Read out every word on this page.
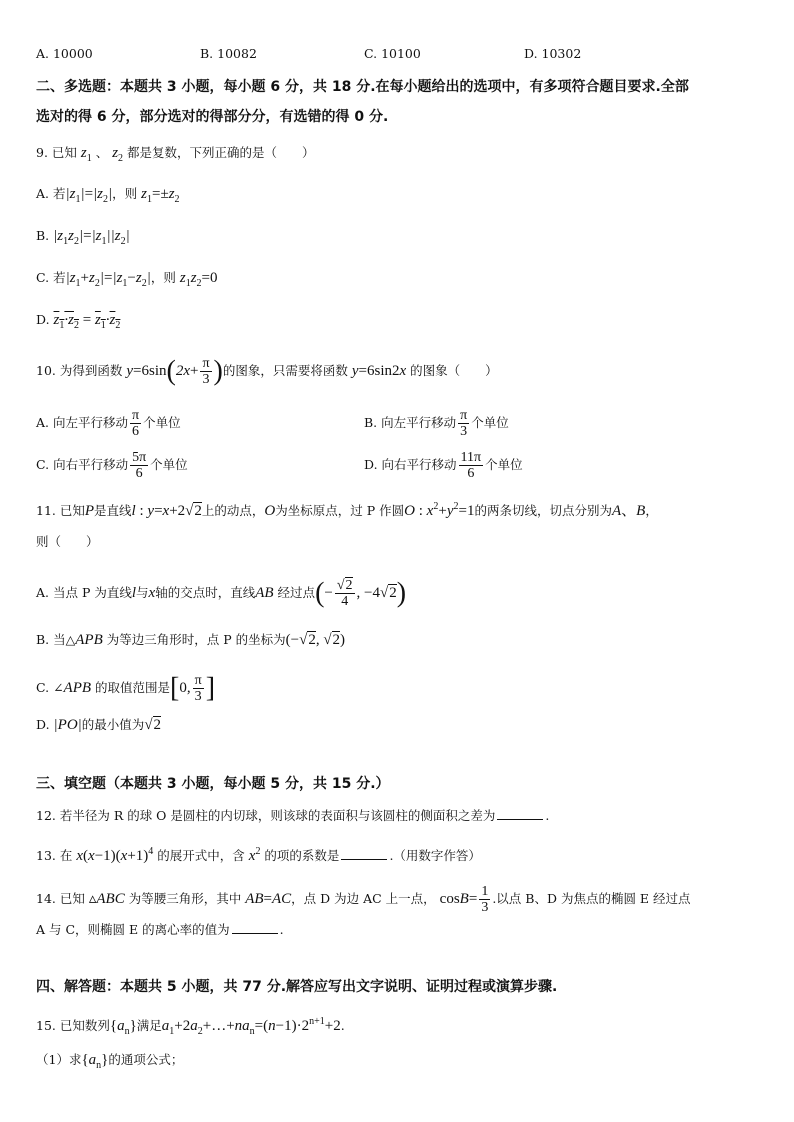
A. 10000	B. 10082	C. 10100	D. 10302
二、多选题：本题共 3 小题，每小题 6 分，共 18 分.在每小题给出的选项中，有多项符合题目要求.全部
选对的得 6 分，部分选对的得部分分，有选错的得 0 分.
9. 已知 $z_1$ 、 $z_2$ 都是复数，下列正确的是（　　）
A. 若$|z_1|=|z_2|$，则 $z_1=\pm z_2$
B. $|z_1z_2|=|z_1||z_2|$
C. 若$|z_1+z_2|=|z_1-z_2|$，则 $z_1z_2=0$
D. $z_1\cdot z_2 = z_1\cdot z_2$
10. 为得到函数 $y=6\sin(2x+ \frac{\pi}{3}$ )的图象，只需要将函数 y=6sin2x 的图象（　　）
A. 向左平行移动 $\frac{\pi}{6}$ 个单位	B. 向左平行移动 $\frac{\pi}{3}$ 个单位
C. 向右平行移动 $\frac{5\pi}{6}$ 个单位	D. 向右平行移动 $\frac{11\pi}{6}$ 个单位
11. 已知P是直线l : y=x+2√2上的动点，O为坐标原点，过 P 作圆O : $x^2+y^2=1$的两条切线，切点分别为A、B，
则（　　）
A. 当点 P 为直线l与x轴的交点时，直线AB 经过点(− $\frac{√2}{4}$ , −4√2)
B. 当△APB 为等边三角形时，点 P 的坐标为(−√2, √2)
C. ∠APB 的取值范围是[0, $\frac{\pi}{3}$ ]
D. |PO|的最小值为√2
三、填空题（本题共 3 小题，每小题 5 分，共 15 分.）
12. 若半径为 R 的球 O 是圆柱的内切球，则该球的表面积与该圆柱的侧面积之差为	.
13. 在 $x(x-1)(x+1)^4$ 的展开式中，含 $x^2$ 的项的系数是	.（用数字作答）
14. 已知 ▵ABC 为等腰三角形，其中 AB=AC，点 D 为边 AC 上一点， $\cos B= \frac{1}{3}$ .以点 B、D 为焦点的椭圆 E 经过点
A 与 C，则椭圆 E 的离心率的值为	.
四、解答题：本题共 5 小题，共 77 分.解答应写出文字说明、证明过程或演算步骤.
15. 已知数列$\{a_n\}$满足$a_1+2a_2+\dots+na_n=(n-1)\cdot 2^{n+1}+2$.
（1）求$\{a_n\}$的通项公式；
